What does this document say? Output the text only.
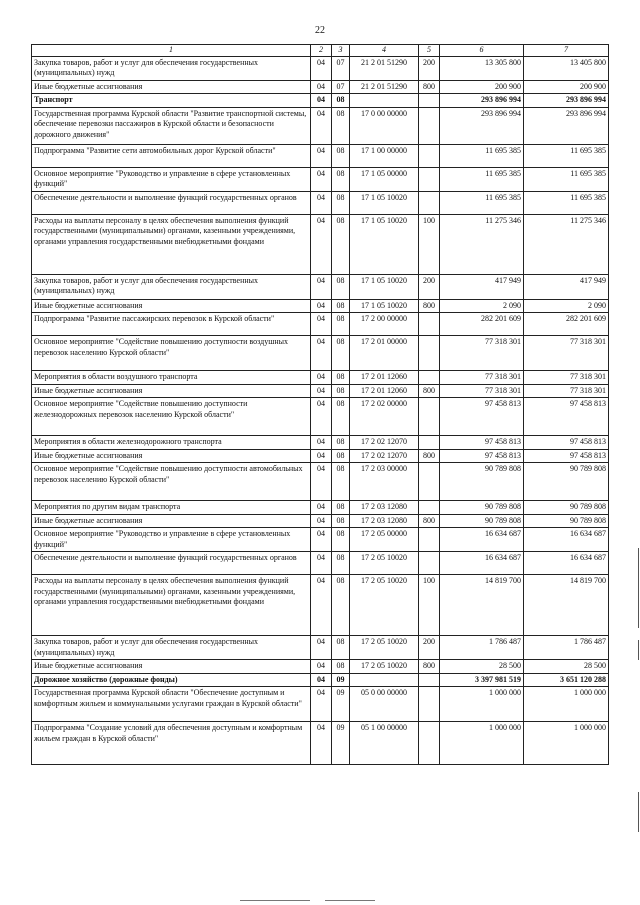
22
1	2	3	4	5	6	7
Закупка товаров, работ и услуг для обеспечения государственных (муниципальных) нужд	04	07	21 2 01 51290	200	13 305 800	13 405 800
Иные бюджетные ассигнования	04	07	21 2 01 51290	800	200 900	200 900
Транспорт	04	08			293 896 994	293 896 994
Государственная программа Курской области "Развитие транспортной системы, обеспечение перевозки пассажиров в Курской области и безопасности дорожного движения"	04	08	17 0 00 00000		293 896 994	293 896 994
Подпрограмма "Развитие сети автомобильных дорог Курской области"	04	08	17 1 00 00000		11 695 385	11 695 385
Основное мероприятие "Руководство и управление в сфере установленных функций"	04	08	17 1 05 00000		11 695 385	11 695 385
Обеспечение деятельности и выполнение функций государственных органов	04	08	17 1 05 10020		11 695 385	11 695 385
Расходы на выплаты персоналу в целях обеспечения выполнения функций государственными (муниципальными) органами, казенными учреждениями, органами управления государственными внебюджетными фондами	04	08	17 1 05 10020	100	11 275 346	11 275 346
Закупка товаров, работ и услуг для обеспечения государственных (муниципальных) нужд	04	08	17 1 05 10020	200	417 949	417 949
Иные бюджетные ассигнования	04	08	17 1 05 10020	800	2 090	2 090
Подпрограмма "Развитие пассажирских перевозок в Курской области"	04	08	17 2 00 00000		282 201 609	282 201 609
Основное мероприятие "Содействие повышению доступности воздушных перевозок населению Курской области"	04	08	17 2 01 00000		77 318 301	77 318 301
Мероприятия в области воздушного транспорта	04	08	17 2 01 12060		77 318 301	77 318 301
Иные бюджетные ассигнования	04	08	17 2 01 12060	800	77 318 301	77 318 301
Основное мероприятие "Содействие повышению доступности железнодорожных перевозок населению Курской области"	04	08	17 2 02 00000		97 458 813	97 458 813
Мероприятия в области железнодорожного транспорта	04	08	17 2 02 12070		97 458 813	97 458 813
Иные бюджетные ассигнования	04	08	17 2 02 12070	800	97 458 813	97 458 813
Основное мероприятие "Содействие повышению доступности автомобильных перевозок населению Курской области"	04	08	17 2 03 00000		90 789 808	90 789 808
Мероприятия по другим видам транспорта	04	08	17 2 03 12080		90 789 808	90 789 808
Иные бюджетные ассигнования	04	08	17 2 03 12080	800	90 789 808	90 789 808
Основное мероприятие "Руководство и управление в сфере установленных функций"	04	08	17 2 05 00000		16 634 687	16 634 687
Обеспечение деятельности и выполнение функций государственных органов	04	08	17 2 05 10020		16 634 687	16 634 687
Расходы на выплаты персоналу в целях обеспечения выполнения функций государственными (муниципальными) органами, казенными учреждениями, органами управления государственными внебюджетными фондами	04	08	17 2 05 10020	100	14 819 700	14 819 700
Закупка товаров, работ и услуг для обеспечения государственных (муниципальных) нужд	04	08	17 2 05 10020	200	1 786 487	1 786 487
Иные бюджетные ассигнования	04	08	17 2 05 10020	800	28 500	28 500
Дорожное хозяйство (дорожные фонды)	04	09			3 397 981 519	3 651 120 288
Государственная программа Курской области "Обеспечение доступным и комфортным жильем и коммунальными услугами граждан в Курской области"	04	09	05 0 00 00000		1 000 000	1 000 000
Подпрограмма "Создание условий для обеспечения доступным и комфортным жильем граждан в Курской области"	04	09	05 1 00 00000		1 000 000	1 000 000
